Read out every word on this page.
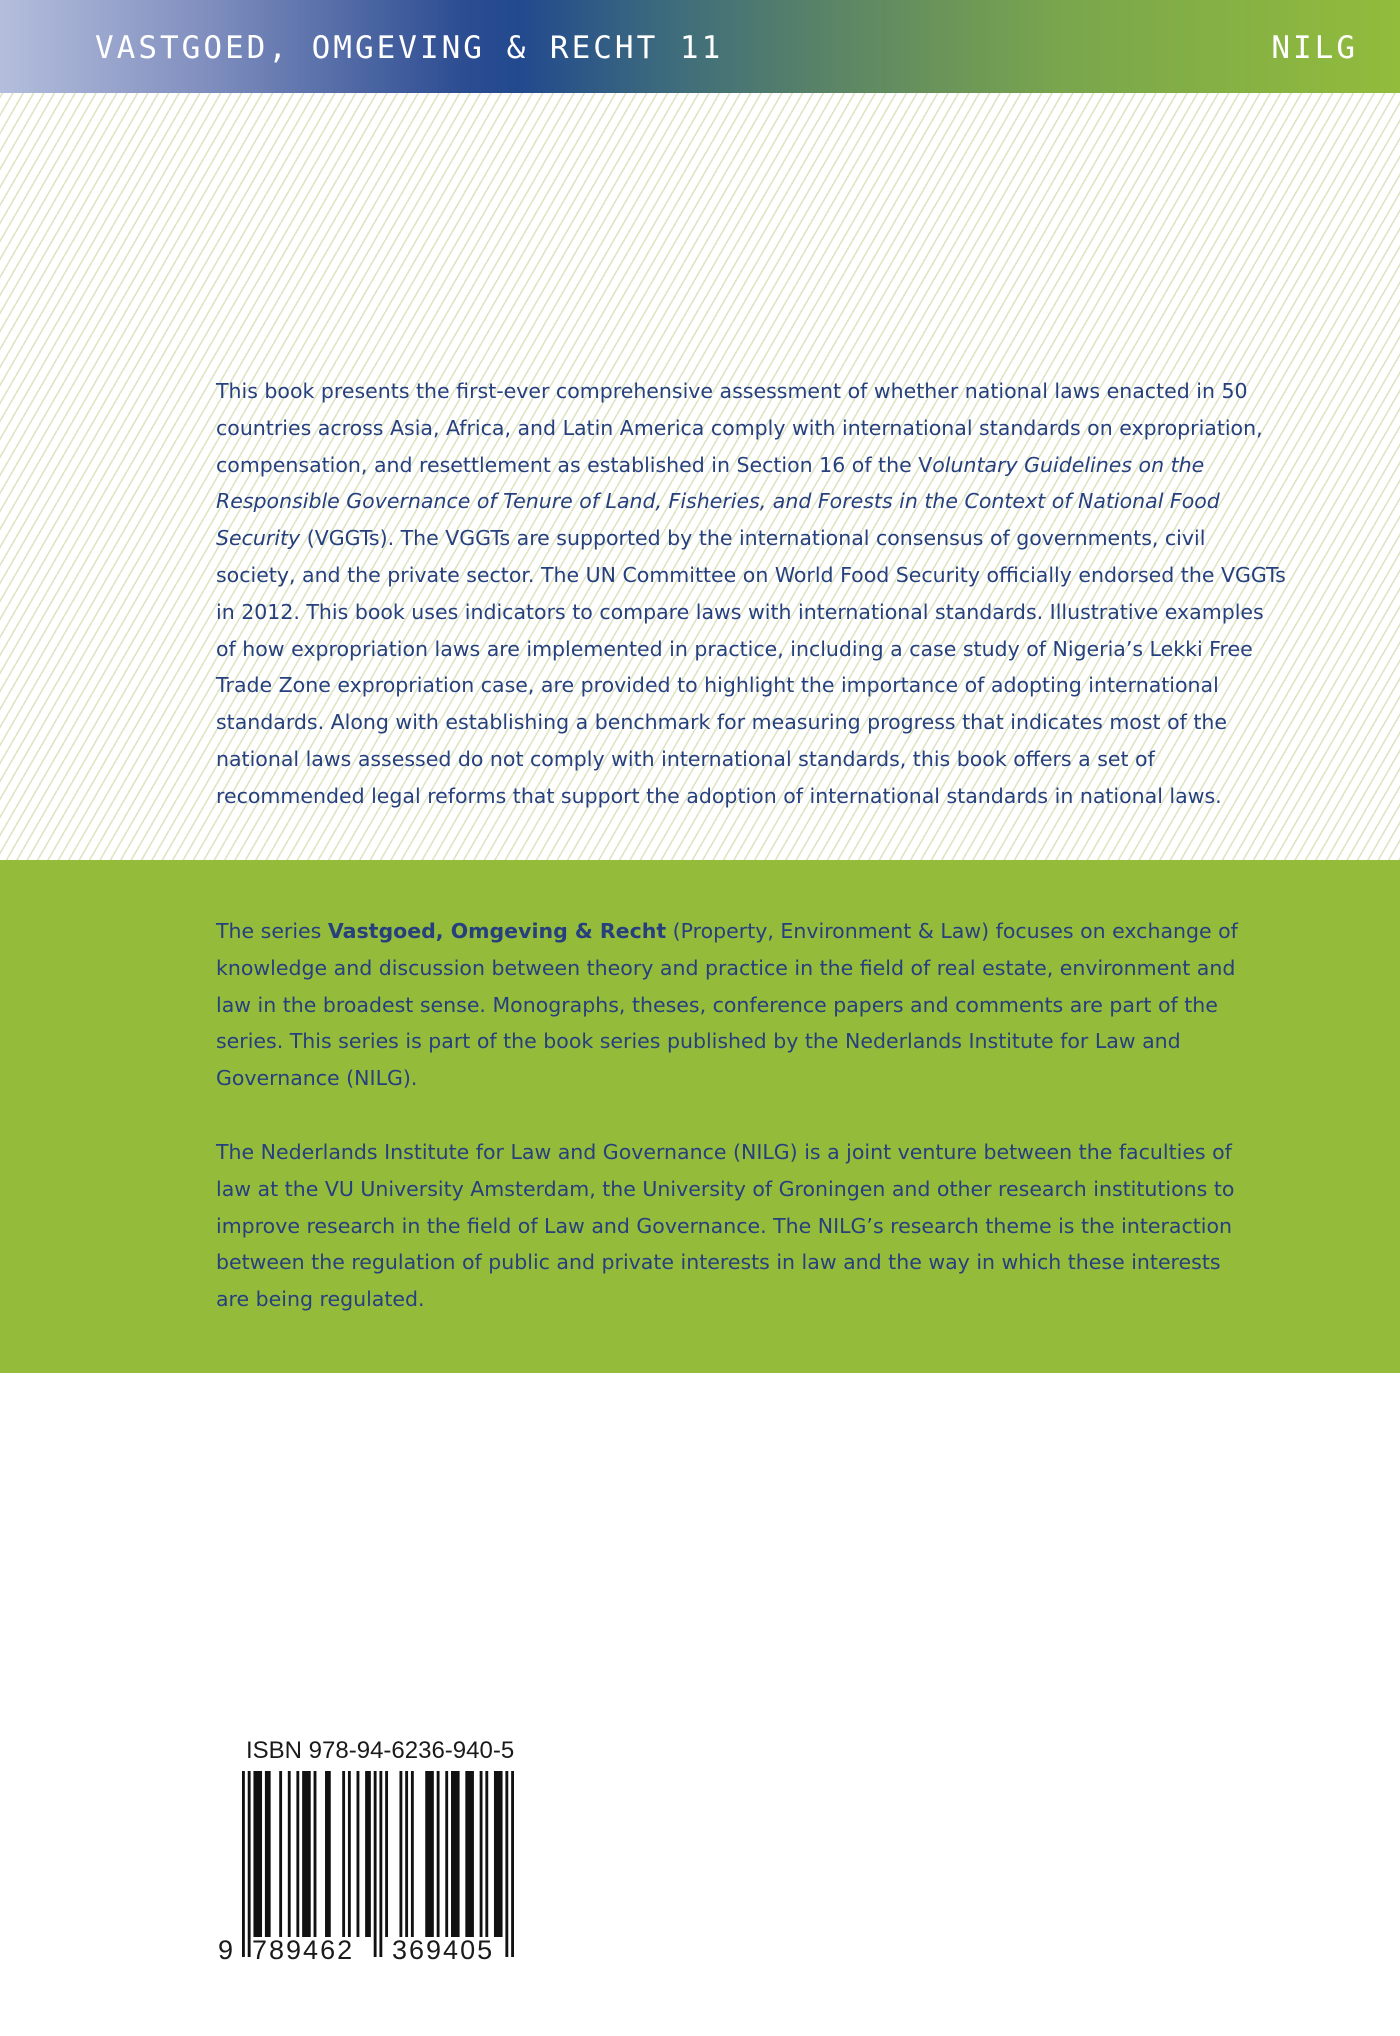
VASTGOED, OMGEVING & RECHT 11	NILG

This book presents the first-ever comprehensive assessment of whether national laws enacted in 50 countries across Asia, Africa, and Latin America comply with international standards on expropriation, compensation, and resettlement as established in Section 16 of the Voluntary Guidelines on the Responsible Governance of Tenure of Land, Fisheries, and Forests in the Context of National Food Security (VGGTs). The VGGTs are supported by the international consensus of governments, civil society, and the private sector. The UN Committee on World Food Security officially endorsed the VGGTs in 2012. This book uses indicators to compare laws with international standards. Illustrative examples of how expropriation laws are implemented in practice, including a case study of Nigeria’s Lekki Free Trade Zone expropriation case, are provided to highlight the importance of adopting international standards. Along with establishing a benchmark for measuring progress that indicates most of the national laws assessed do not comply with international standards, this book offers a set of recommended legal reforms that support the adoption of international standards in national laws.

The series Vastgoed, Omgeving & Recht (Property, Environment & Law) focuses on exchange of knowledge and discussion between theory and practice in the field of real estate, environment and law in the broadest sense. Monographs, theses, conference papers and comments are part of the series. This series is part of the book series published by the Nederlands Institute for Law and Governance (NILG).

The Nederlands Institute for Law and Governance (NILG) is a joint venture between the faculties of law at the VU University Amsterdam, the University of Groningen and other research institutions to improve research in the field of Law and Governance. The NILG’s research theme is the interaction between the regulation of public and private interests in law and the way in which these interests are being regulated.

ISBN 978-94-6236-940-5
9 789462 369405
